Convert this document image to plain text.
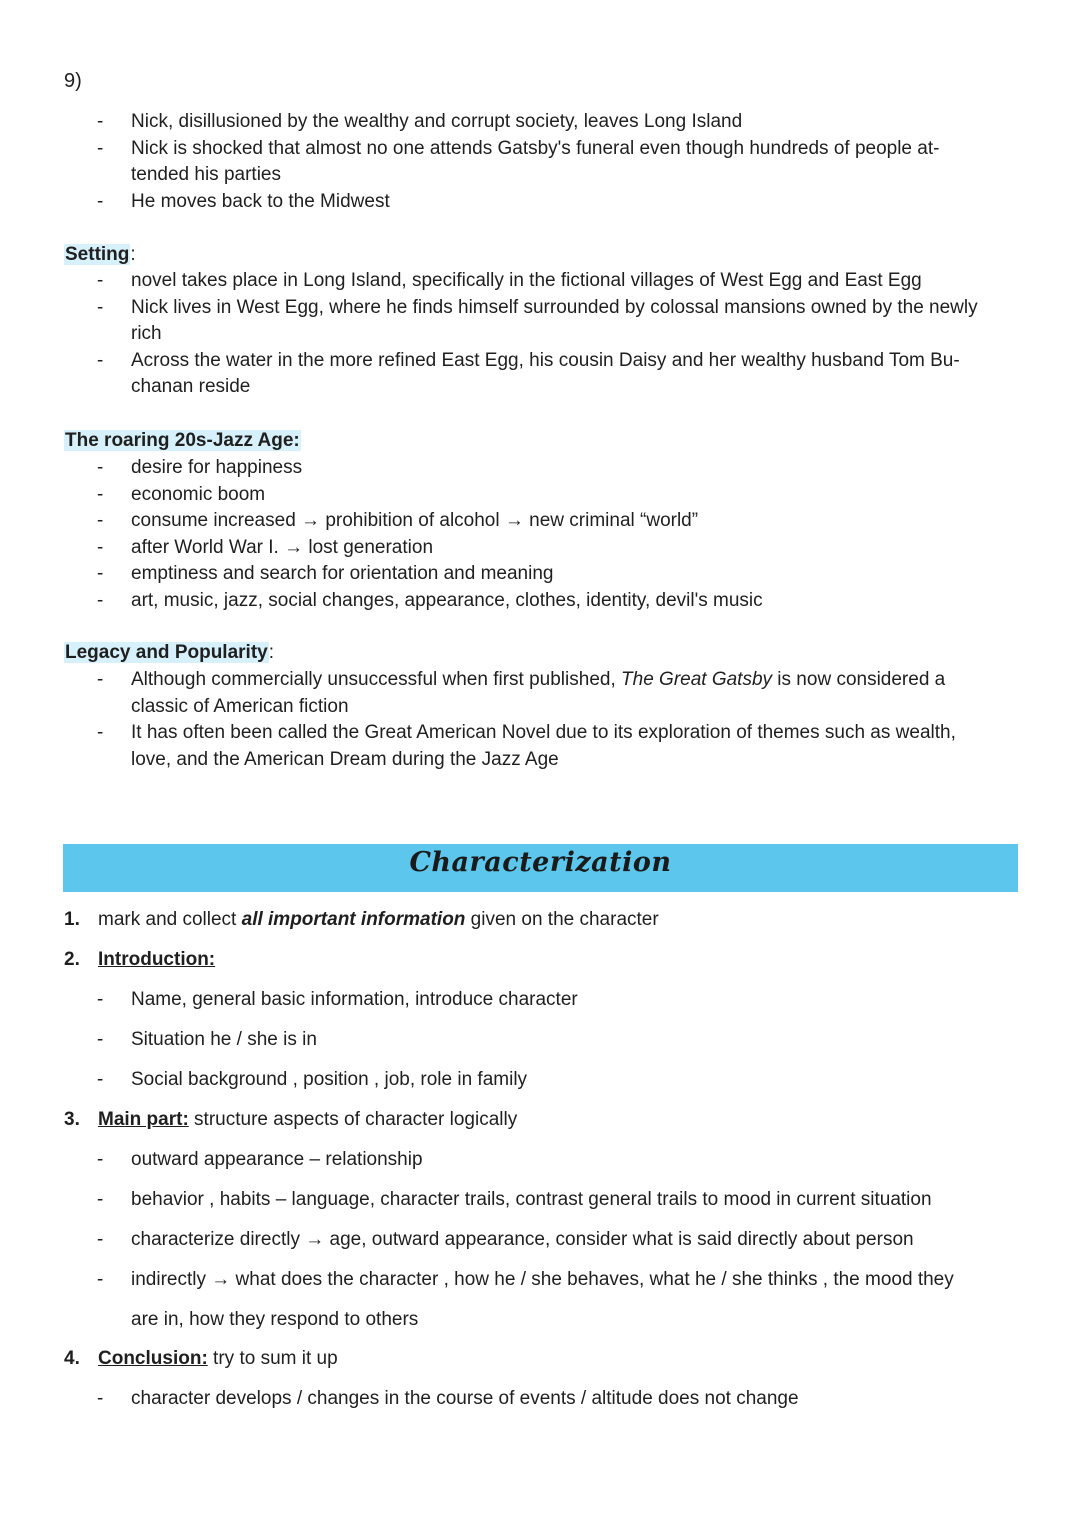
9)
- Nick, disillusioned by the wealthy and corrupt society, leaves Long Island
- Nick is shocked that almost no one attends Gatsby's funeral even though hundreds of people at-
tended his parties
- He moves back to the Midwest
Setting:
- novel takes place in Long Island, specifically in the fictional villages of West Egg and East Egg
- Nick lives in West Egg, where he finds himself surrounded by colossal mansions owned by the newly
rich
- Across the water in the more refined East Egg, his cousin Daisy and her wealthy husband Tom Bu-
chanan reside
The roaring 20s-Jazz Age:
- desire for happiness
- economic boom
- consume increased → prohibition of alcohol → new criminal “world”
- after World War I. → lost generation
- emptiness and search for orientation and meaning
- art, music, jazz, social changes, appearance, clothes, identity, devil's music
Legacy and Popularity:
- Although commercially unsuccessful when first published, The Great Gatsby is now considered a
classic of American fiction
- It has often been called the Great American Novel due to its exploration of themes such as wealth,
love, and the American Dream during the Jazz Age
Characterization
1. mark and collect all important information given on the character
2. Introduction:
- Name, general basic information, introduce character
- Situation he / she is in
- Social background , position , job, role in family
3. Main part: structure aspects of character logically
- outward appearance – relationship
- behavior , habits – language, character trails, contrast general trails to mood in current situation
- characterize directly → age, outward appearance, consider what is said directly about person
- indirectly → what does the character , how he / she behaves, what he / she thinks , the mood they
are in, how they respond to others
4. Conclusion: try to sum it up
- character develops / changes in the course of events / altitude does not change
